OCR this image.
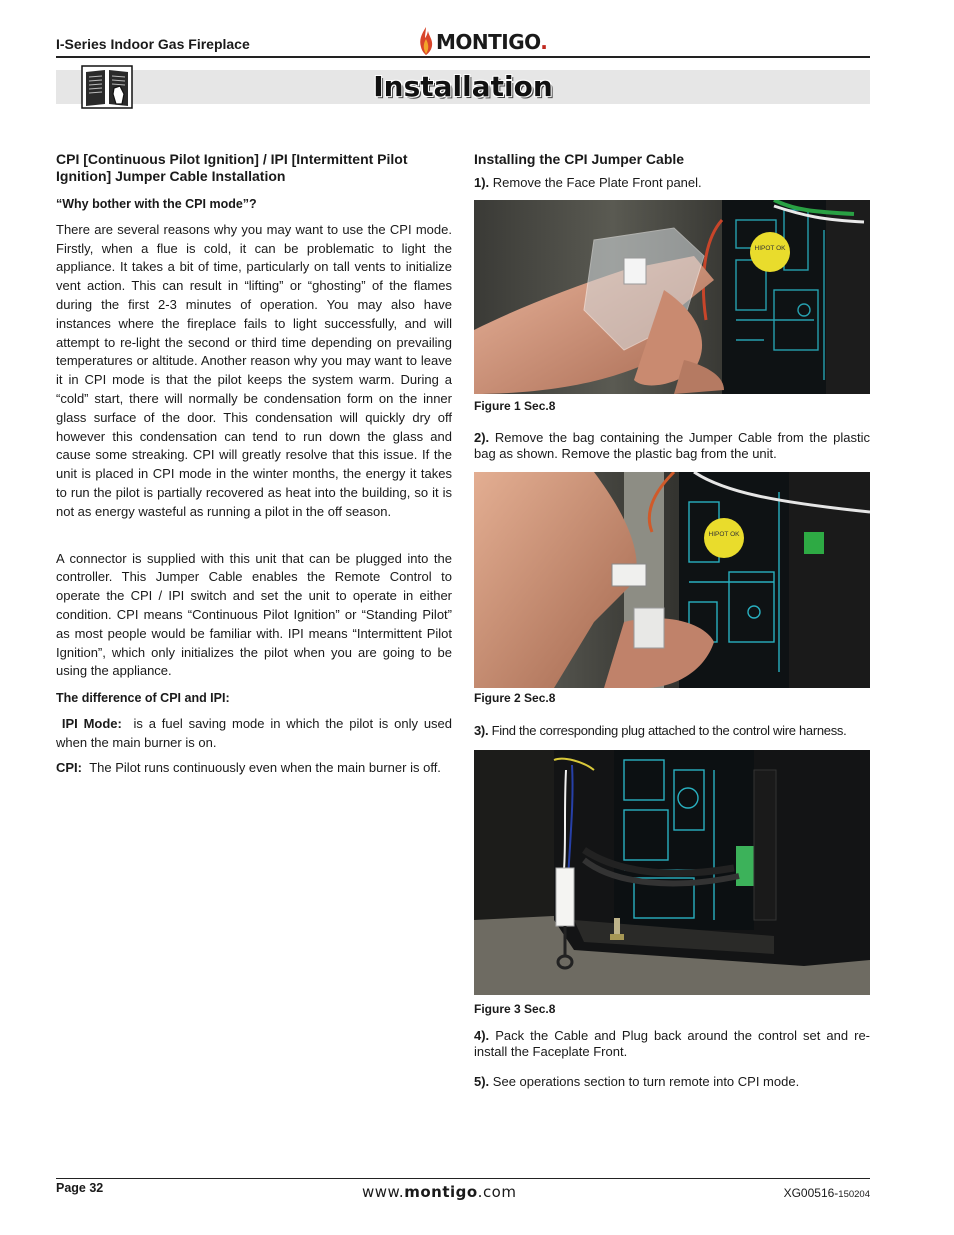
I-Series Indoor Gas Fireplace	MONTIGO.
Installation

CPI [Continuous Pilot Ignition] / IPI [Intermittent Pilot Ignition] Jumper Cable Installation

“Why bother with the CPI mode”?

There are several reasons why you may want to use the CPI mode. Firstly, when a flue is cold, it can be problematic to light the appliance. It takes a bit of time, particularly on tall vents to initialize vent action. This can result in “lifting” or “ghosting” of the flames during the first 2-3 minutes of operation. You may also have instances where the fireplace fails to light successfully, and will attempt to re-light the second or third time depending on prevailing temperatures or altitude. Another reason why you may want to leave it in CPI mode is that the pilot keeps the system warm. During a “cold” start, there will normally be condensation form on the inner glass surface of the door. This condensation will quickly dry off however this condensation can tend to run down the glass and cause some streaking. CPI will greatly resolve that this issue. If the unit is placed in CPI mode in the winter months, the energy it takes to run the pilot is partially recovered as heat into the building, so it is not as energy wasteful as running a pilot in the off season.

A connector is supplied with this unit that can be plugged into the controller. This Jumper Cable enables the Remote Control to operate the CPI / IPI switch and set the unit to operate in either condition. CPI means “Continuous Pilot Ignition” or “Standing Pilot” as most people would be familiar with. IPI means “Intermittent Pilot Ignition”, which only initializes the pilot when you are going to be using the appliance.

The difference of CPI and IPI:

IPI Mode: is a fuel saving mode in which the pilot is only used when the main burner is on.

CPI: The Pilot runs continuously even when the main burner is off.

Installing the CPI Jumper Cable

1). Remove the Face Plate Front panel.
HIPOT OK
Figure 1 Sec.8
2). Remove the bag containing the Jumper Cable from the plastic bag as shown. Remove the plastic bag from the unit.
HIPOT OK
Figure 2 Sec.8
3). Find the corresponding plug attached to the control wire harness.
Figure 3 Sec.8
4). Pack the Cable and Plug back around the control set and re-install the Faceplate Front.
5). See operations section to turn remote into CPI mode.
Page 32	www.montigo.com	XG00516-150204
